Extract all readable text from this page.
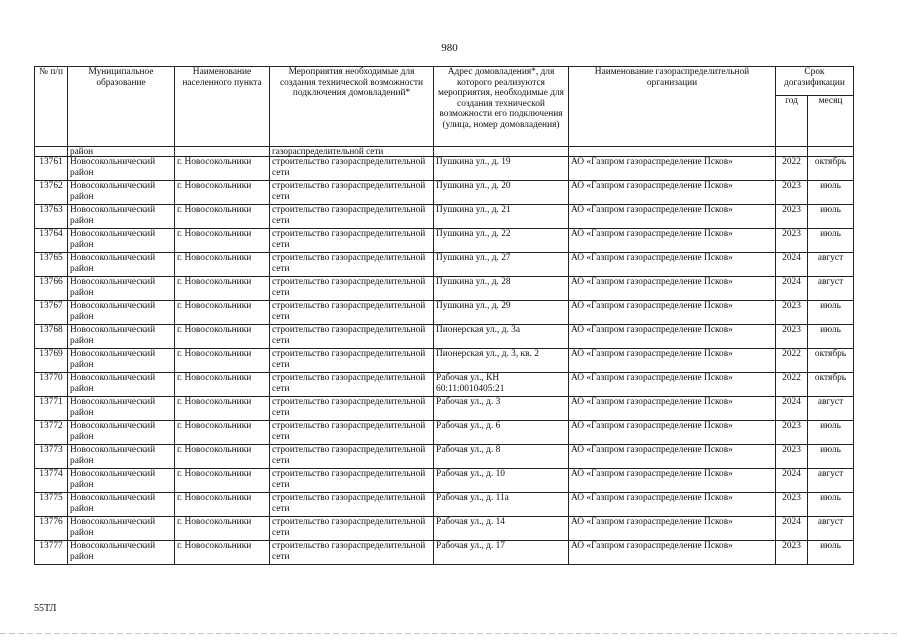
980
№ п/п	Муниципальное образование	Наименование населенного пункта	Мероприятия необходимые для создания технической возможности подключения домовладений*	Адрес домовладения*, для которого реализуются мероприятия, необходимые для создания технической возможности его подключения (улица, номер домовладения)	Наименование газораспределительной организации	Срок догазификации	
						год	месяц
	район		газораспределительной сети				
13761	Новосокольнический район	г. Новосокольники	строительство газораспределительной сети	Пушкина ул., д. 19	АО «Газпром газораспределение Псков»	2022	октябрь
13762	Новосокольнический район	г. Новосокольники	строительство газораспределительной сети	Пушкина ул., д. 20	АО «Газпром газораспределение Псков»	2023	июль
13763	Новосокольнический район	г. Новосокольники	строительство газораспределительной сети	Пушкина ул., д. 21	АО «Газпром газораспределение Псков»	2023	июль
13764	Новосокольнический район	г. Новосокольники	строительство газораспределительной сети	Пушкина ул., д. 22	АО «Газпром газораспределение Псков»	2023	июль
13765	Новосокольнический район	г. Новосокольники	строительство газораспределительной сети	Пушкина ул., д. 27	АО «Газпром газораспределение Псков»	2024	август
13766	Новосокольнический район	г. Новосокольники	строительство газораспределительной сети	Пушкина ул., д. 28	АО «Газпром газораспределение Псков»	2024	август
13767	Новосокольнический район	г. Новосокольники	строительство газораспределительной сети	Пушкина ул., д. 29	АО «Газпром газораспределение Псков»	2023	июль
13768	Новосокольнический район	г. Новосокольники	строительство газораспределительной сети	Пионерская ул., д. 3а	АО «Газпром газораспределение Псков»	2023	июль
13769	Новосокольнический район	г. Новосокольники	строительство газораспределительной сети	Пионерская ул., д. 3, кв. 2	АО «Газпром газораспределение Псков»	2022	октябрь
13770	Новосокольнический район	г. Новосокольники	строительство газораспределительной сети	Рабочая ул., КН 60:11:0010405:21	АО «Газпром газораспределение Псков»	2022	октябрь
13771	Новосокольнический район	г. Новосокольники	строительство газораспределительной сети	Рабочая ул., д. 3	АО «Газпром газораспределение Псков»	2024	август
13772	Новосокольнический район	г. Новосокольники	строительство газораспределительной сети	Рабочая ул., д. 6	АО «Газпром газораспределение Псков»	2023	июль
13773	Новосокольнический район	г. Новосокольники	строительство газораспределительной сети	Рабочая ул., д. 8	АО «Газпром газораспределение Псков»	2023	июль
13774	Новосокольнический район	г. Новосокольники	строительство газораспределительной сети	Рабочая ул., д. 10	АО «Газпром газораспределение Псков»	2024	август
13775	Новосокольнический район	г. Новосокольники	строительство газораспределительной сети	Рабочая ул., д. 11а	АО «Газпром газораспределение Псков»	2023	июль
13776	Новосокольнический район	г. Новосокольники	строительство газораспределительной сети	Рабочая ул., д. 14	АО «Газпром газораспределение Псков»	2024	август
13777	Новосокольнический район	г. Новосокольники	строительство газораспределительной сети	Рабочая ул., д. 17	АО «Газпром газораспределение Псков»	2023	июль
55ТЛ
